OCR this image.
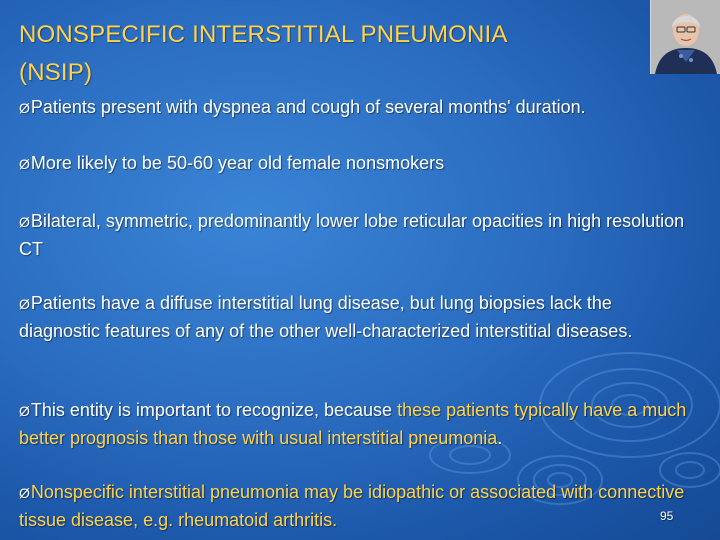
NONSPECIFIC INTERSTITIAL PNEUMONIA
(NSIP)
ØPatients present with dyspnea and cough of several months' duration.
ØMore likely to be 50-60 year old female nonsmokers
ØBilateral, symmetric, predominantly lower lobe reticular opacities in high resolution CT
ØPatients have a diffuse interstitial lung disease, but lung biopsies lack the diagnostic features of any of the other well-characterized interstitial diseases.
ØThis entity is important to recognize, because these patients typically have a much better prognosis than those with usual interstitial pneumonia.
ØNonspecific interstitial pneumonia may be idiopathic or associated with connective tissue disease, e.g. rheumatoid arthritis.	95
